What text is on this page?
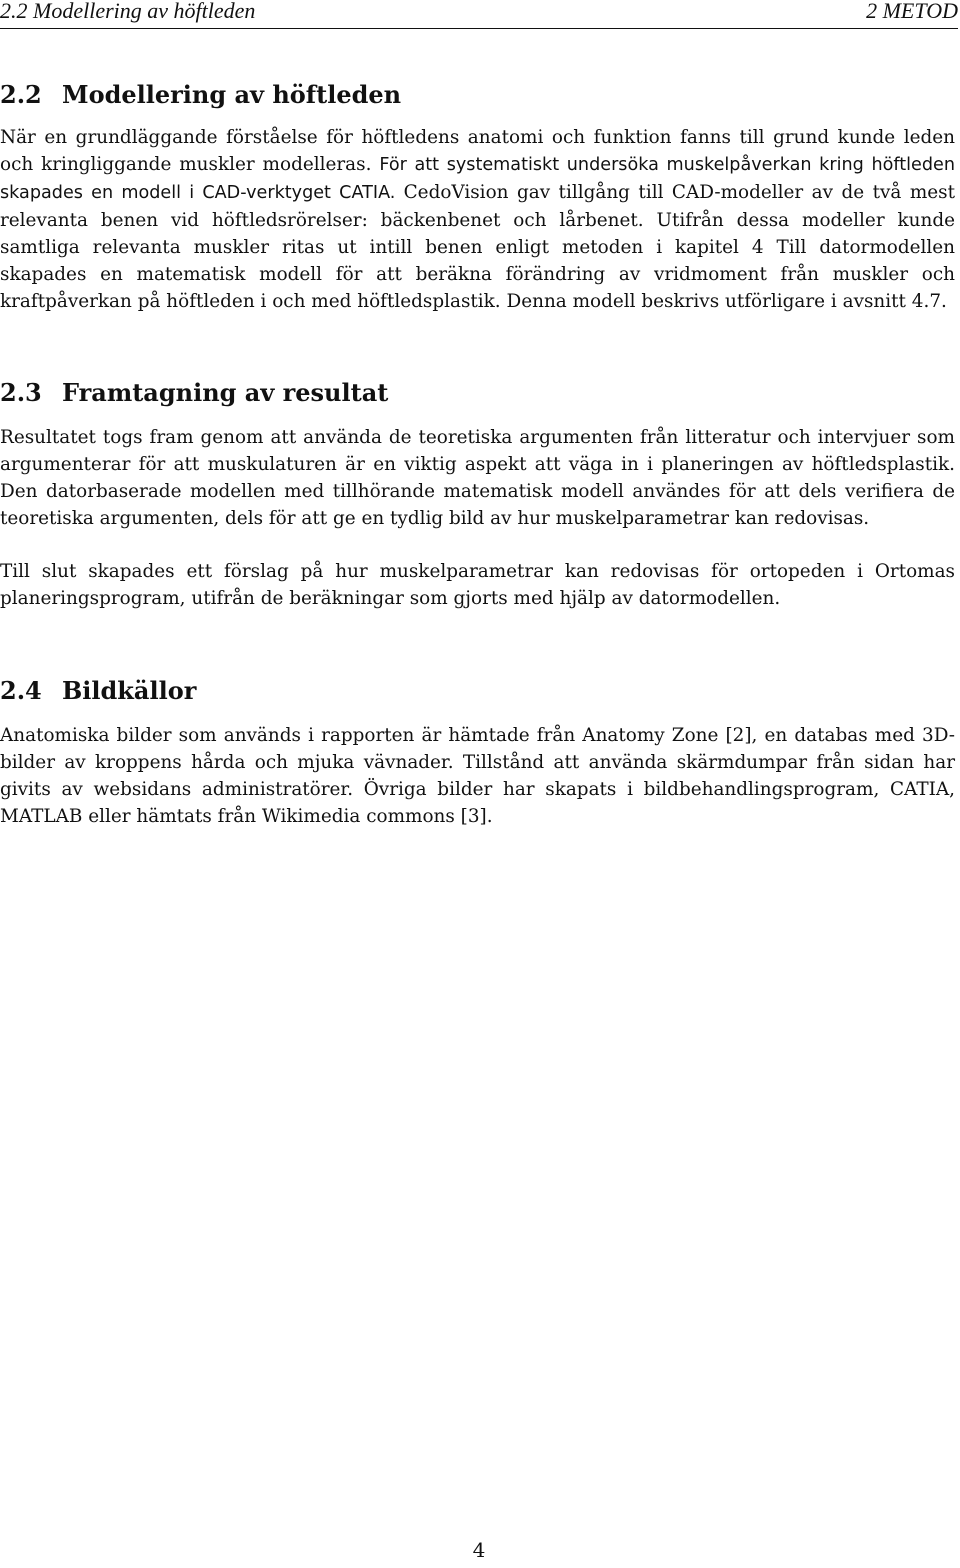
2.2 Modellering av höftleden	2 METOD
2.2 Modellering av höftleden

När en grundläggande förståelse för höftledens anatomi och funktion fanns till grund kunde leden och kringliggande muskler modelleras. För att systematiskt undersöka muskelpåverkan kring höftleden skapades en modell i CAD-verktyget CATIA. CedoVision gav tillgång till CAD-modeller av de två mest relevanta benen vid höftledsrörelser: bäckenbenet och lårbenet. Utifrån dessa modeller kunde samtliga relevanta muskler ritas ut intill benen enligt metoden i kapitel 4 Till datormodellen skapades en matematisk modell för att beräkna förändring av vridmoment från muskler och kraftpåverkan på höftleden i och med höftledsplastik. Denna modell beskrivs utförligare i avsnitt 4.7.

2.3 Framtagning av resultat

Resultatet togs fram genom att använda de teoretiska argumenten från litteratur och intervjuer som argumenterar för att muskulaturen är en viktig aspekt att väga in i planeringen av höftledsplastik. Den datorbaserade modellen med tillhörande matematisk modell användes för att dels verifiera de teoretiska argumenten, dels för att ge en tydlig bild av hur muskelparametrar kan redovisas.

Till slut skapades ett förslag på hur muskelparametrar kan redovisas för ortopeden i Ortomas planeringsprogram, utifrån de beräkningar som gjorts med hjälp av datormodellen.

2.4 Bildkällor

Anatomiska bilder som används i rapporten är hämtade från Anatomy Zone [2], en databas med 3D-bilder av kroppens hårda och mjuka vävnader. Tillstånd att använda skärmdumpar från sidan har givits av websidans administratörer. Övriga bilder har skapats i bildbehandlingsprogram, CATIA, MATLAB eller hämtats från Wikimedia commons [3].

4
